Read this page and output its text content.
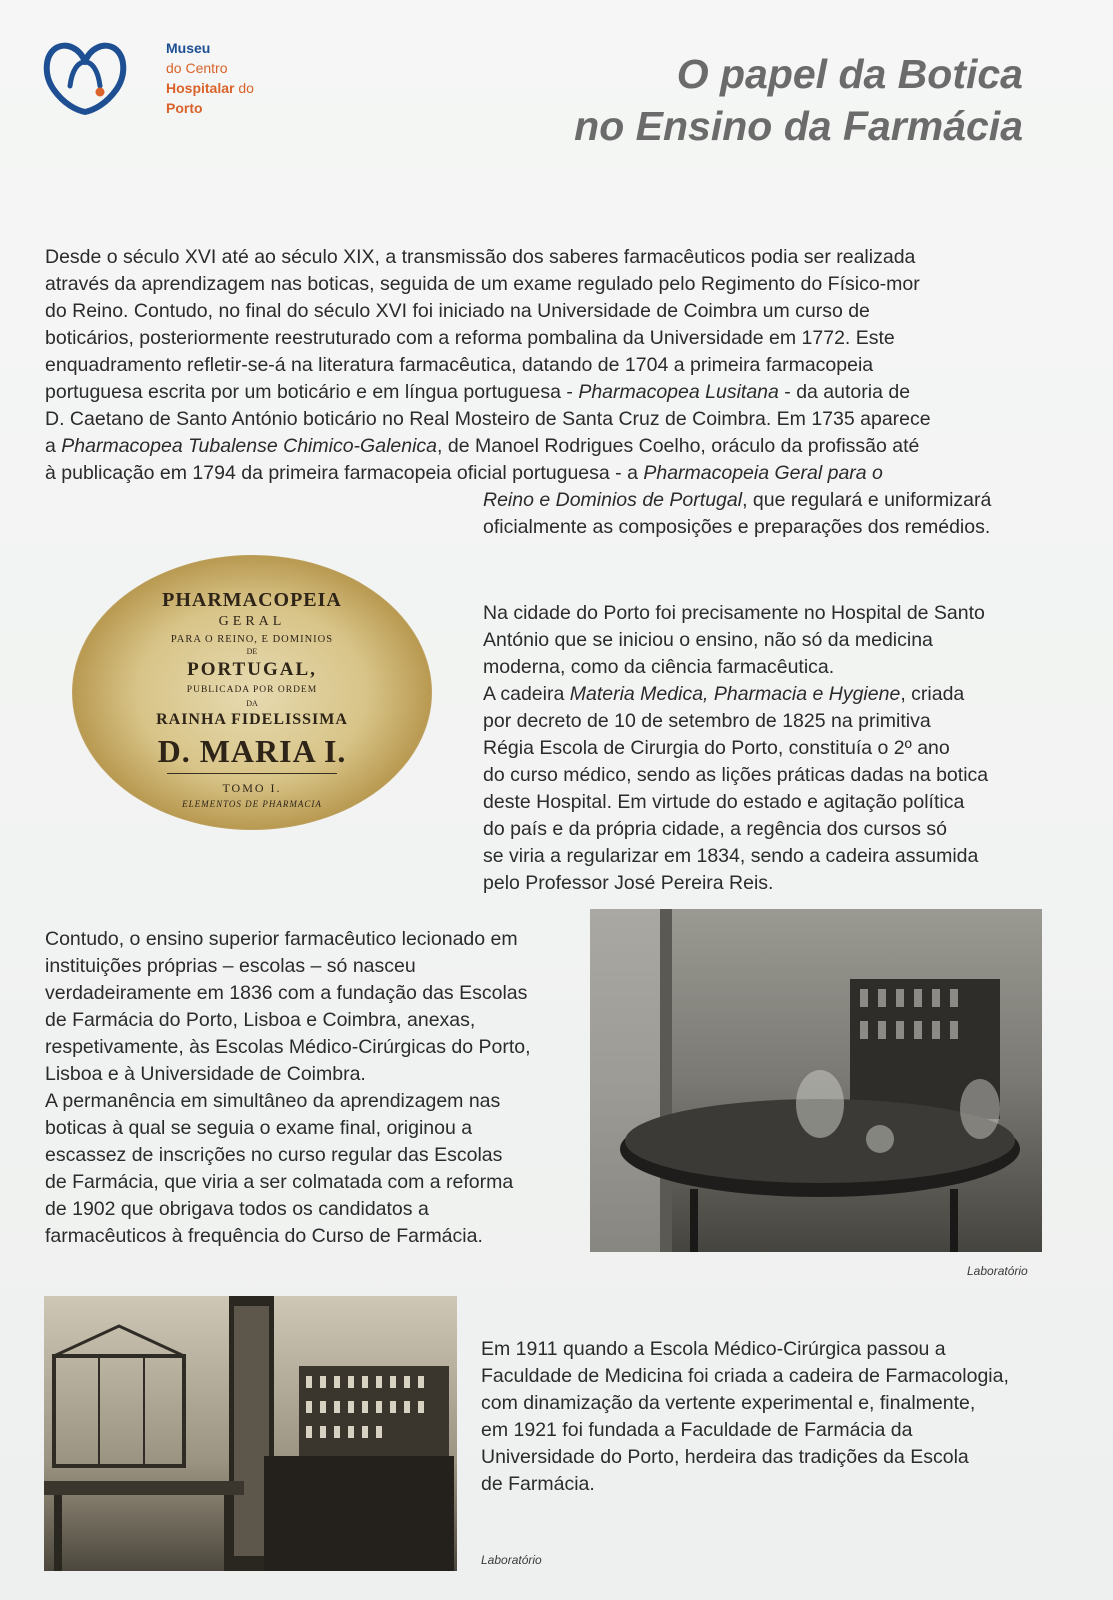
Museu
do Centro
Hospitalar do
Porto
O papel da Botica
no Ensino da Farmácia

Desde o século XVI até ao século XIX, a transmissão dos saberes farmacêuticos podia ser realizada

através da aprendizagem nas boticas, seguida de um exame regulado pelo Regimento do Físico-mor

do Reino. Contudo, no final do século XVI foi iniciado na Universidade de Coimbra um curso de

boticários, posteriormente reestruturado com a reforma pombalina da Universidade em 1772. Este

enquadramento refletir-se-á na literatura farmacêutica, datando de 1704 a primeira farmacopeia

portuguesa escrita por um boticário e em língua portuguesa - Pharmacopea Lusitana - da autoria de

D. Caetano de Santo António boticário no Real Mosteiro de Santa Cruz de Coimbra. Em 1735 aparece

a Pharmacopea Tubalense Chimico-Galenica, de Manoel Rodrigues Coelho, oráculo da profissão até

à publicação em 1794 da primeira farmacopeia oficial portuguesa - a Pharmacopeia Geral para o

Reino e Dominios de Portugal, que regulará e uniformizará

oficialmente as composições e preparações dos remédios.

PHARMACOPEIA
GERAL
PARA O REINO, E DOMINIOS
DE
PORTUGAL,
PUBLICADA POR ORDEM
DA
RAINHA FIDELISSIMA
D. MARIA I.
TOMO I.
ELEMENTOS DE PHARMACIA

Na cidade do Porto foi precisamente no Hospital de Santo

António que se iniciou o ensino, não só da medicina

moderna, como da ciência farmacêutica.

A cadeira Materia Medica, Pharmacia e Hygiene, criada

por decreto de 10 de setembro de 1825 na primitiva

Régia Escola de Cirurgia do Porto, constituía o 2º ano

do curso médico, sendo as lições práticas dadas na botica

deste Hospital. Em virtude do estado e agitação política

do país e da própria cidade, a regência dos cursos só

se viria a regularizar em 1834, sendo a cadeira assumida

pelo Professor José Pereira Reis.

Contudo, o ensino superior farmacêutico lecionado em

instituições próprias – escolas – só nasceu

verdadeiramente em 1836 com a fundação das Escolas

de Farmácia do Porto, Lisboa e Coimbra, anexas,

respetivamente, às Escolas Médico-Cirúrgicas do Porto,

Lisboa e à Universidade de Coimbra.

A permanência em simultâneo da aprendizagem nas

boticas à qual se seguia o exame final, originou a

escassez de inscrições no curso regular das Escolas

de Farmácia, que viria a ser colmatada com a reforma

de 1902 que obrigava todos os candidatos a

farmacêuticos à frequência do Curso de Farmácia.

Laboratório
Laboratório

Em 1911 quando a Escola Médico-Cirúrgica passou a

Faculdade de Medicina foi criada a cadeira de Farmacologia,

com dinamização da vertente experimental e, finalmente,

em 1921 foi fundada a Faculdade de Farmácia da

Universidade do Porto, herdeira das tradições da Escola

de Farmácia.
